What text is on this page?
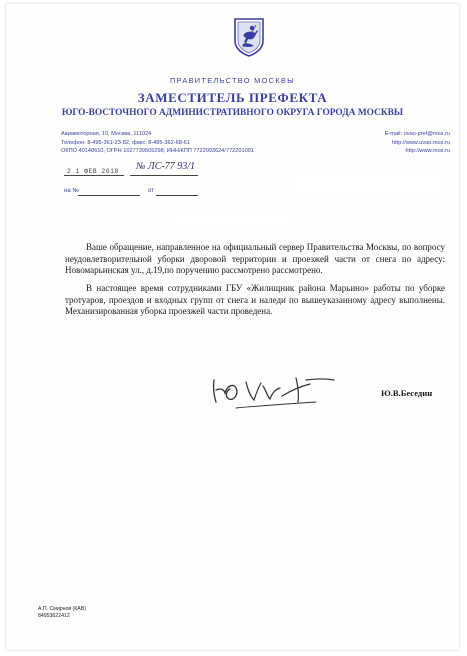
ПРАВИТЕЛЬСТВО МОСКВЫ
ЗАМЕСТИТЕЛЬ ПРЕФЕКТА
ЮГО-ВОСТОЧНОГО АДМИНИСТРАТИВНОГО ОКРУГА ГОРОДА МОСКВЫ
Авиамоторная, 10, Москва, 111024
Телефон: 8-495-361-23-82, факс: 8-495-362-68-61
ОКПО 40140610, ОГРН 1027739505298, ИНН/КПП 7722093624/772201001
E-mail: uvao-pref@mos.ru
http://www.uvao.mos.ru
http://www.mos.ru
2 1 ФЕВ 2018 № ЛС-77 93/1
на №	от
Ваше обращение, направленное на официальный сервер Правительства Москвы, по вопросу неудовлетворительной уборки дворовой территории и проезжей части от снега по адресу: Новомарьинская ул., д.19,по поручению рассмотрено рассмотрено.
В настоящее время сотрудниками ГБУ «Жилищник района Марьино» работы по уборке тротуаров, проездов и входных групп от снега и наледи по вышеуказанному адресу выполнены. Механизированная уборка проезжей части проведена.
Ю.В.Беседин
А.П. Смирнов (КАВ)
84953622412
